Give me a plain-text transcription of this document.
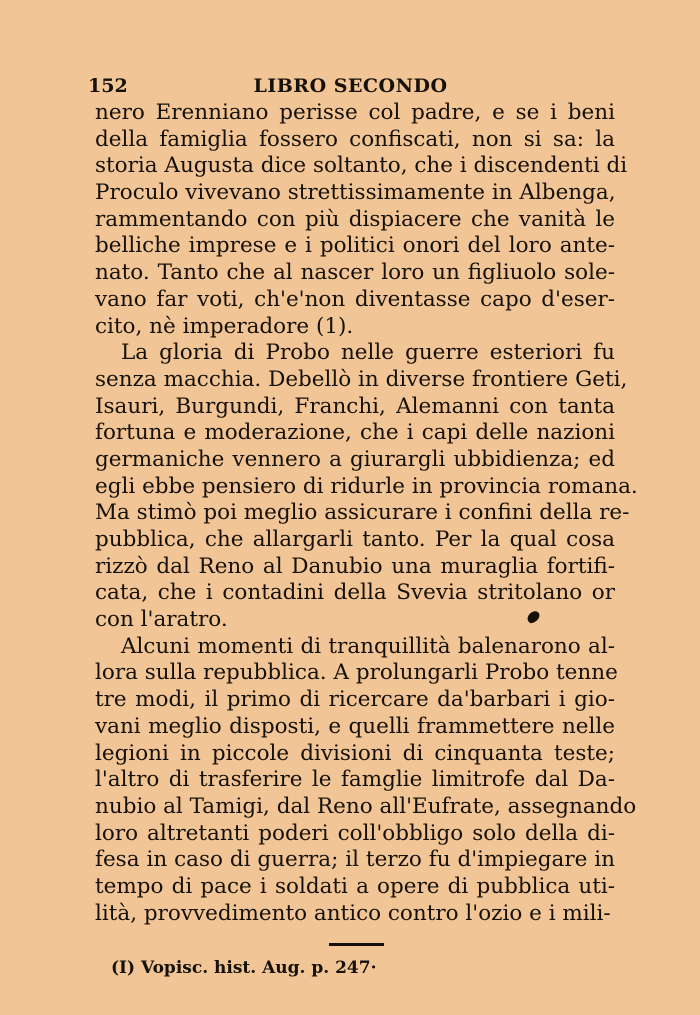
152	LIBRO SECONDO
nero Erenniano perisse col padre, e se i beni
della famiglia fossero confiscati, non si sa: la
storia Augusta dice soltanto, che i discendenti di
Proculo vivevano strettissimamente in Albenga,
rammentando con più dispiacere che vanità le
belliche imprese e i politici onori del loro ante-
nato. Tanto che al nascer loro un figliuolo sole-
vano far voti, ch'e'non diventasse capo d'eser-
cito, nè imperadore (1).
La gloria di Probo nelle guerre esteriori fu
senza macchia. Debellò in diverse frontiere Geti,
Isauri, Burgundi, Franchi, Alemanni con tanta
fortuna e moderazione, che i capi delle nazioni
germaniche vennero a giurargli ubbidienza; ed
egli ebbe pensiero di ridurle in provincia romana.
Ma stimò poi meglio assicurare i confini della re-
pubblica, che allargarli tanto. Per la qual cosa
rizzò dal Reno al Danubio una muraglia fortifi-
cata, che i contadini della Svevia stritolano or
con l'aratro.
Alcuni momenti di tranquillità balenarono al-
lora sulla repubblica. A prolungarli Probo tenne
tre modi, il primo di ricercare da'barbari i gio-
vani meglio disposti, e quelli frammettere nelle
legioni in piccole divisioni di cinquanta teste;
l'altro di trasferire le famglie limitrofe dal Da-
nubio al Tamigi, dal Reno all'Eufrate, assegnando
loro altretanti poderi coll'obbligo solo della di-
fesa in caso di guerra; il terzo fu d'impiegare in
tempo di pace i soldati a opere di pubblica uti-
lità, provvedimento antico contro l'ozio e i mili-
(I) Vopisc. hist. Aug. p. 247·
